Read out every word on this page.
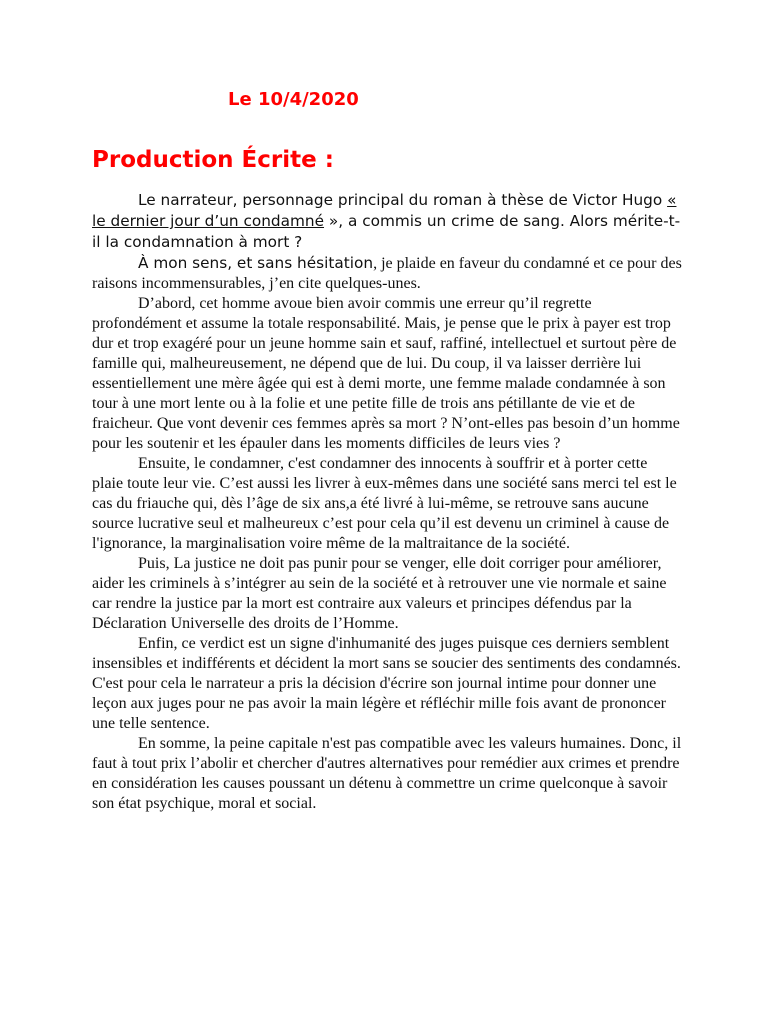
Le 10/4/2020
Production Écrite :

Le narrateur, personnage principal du roman à thèse de Victor Hugo « le dernier jour d’un condamné », a commis un crime de sang. Alors mérite-t-il la condamnation à mort ?

À mon sens, et sans hésitation, je plaide en faveur du condamné et ce pour des raisons incommensurables, j’en cite quelques-unes.

D’abord, cet homme avoue bien avoir commis une erreur qu’il regrette profondément et assume la totale responsabilité. Mais, je pense que le prix à payer est trop dur et trop exagéré pour un jeune homme sain et sauf, raffiné, intellectuel et surtout père de famille qui, malheureusement, ne dépend que de lui. Du coup, il va laisser derrière lui essentiellement une mère âgée qui est à demi morte, une femme malade condamnée à son tour à une mort lente ou à la folie et une petite fille de trois ans pétillante de vie et de fraicheur. Que vont devenir ces femmes après sa mort ? N’ont-elles pas besoin d’un homme pour les soutenir et les épauler dans les moments difficiles de leurs vies ?

Ensuite, le condamner, c'est condamner des innocents à souffrir et à porter cette plaie toute leur vie. C’est aussi les livrer à eux-mêmes dans une société sans merci tel est le cas du friauche qui, dès l’âge de six ans,a été livré à lui-même, se retrouve sans aucune source lucrative seul et malheureux c’est pour cela qu’il est devenu un criminel à cause de l'ignorance, la marginalisation voire même de la maltraitance de la société.

Puis, La justice ne doit pas punir pour se venger, elle doit corriger pour améliorer, aider les criminels à s’intégrer au sein de la société et à retrouver une vie normale et saine car rendre la justice par la mort est contraire aux valeurs et principes défendus par la Déclaration Universelle des droits de l’Homme.

Enfin, ce verdict est un signe d'inhumanité des juges puisque ces derniers semblent insensibles et indifférents et décident la mort sans se soucier des sentiments des condamnés. C'est pour cela le narrateur a pris la décision d'écrire son journal intime pour donner une leçon aux juges pour ne pas avoir la main légère et réfléchir mille fois avant de prononcer une telle sentence.

En somme, la peine capitale n'est pas compatible avec les valeurs humaines. Donc, il faut à tout prix l’abolir et chercher d'autres alternatives pour remédier aux crimes et prendre en considération les causes poussant un détenu à commettre un crime quelconque à savoir son état psychique, moral et social.
